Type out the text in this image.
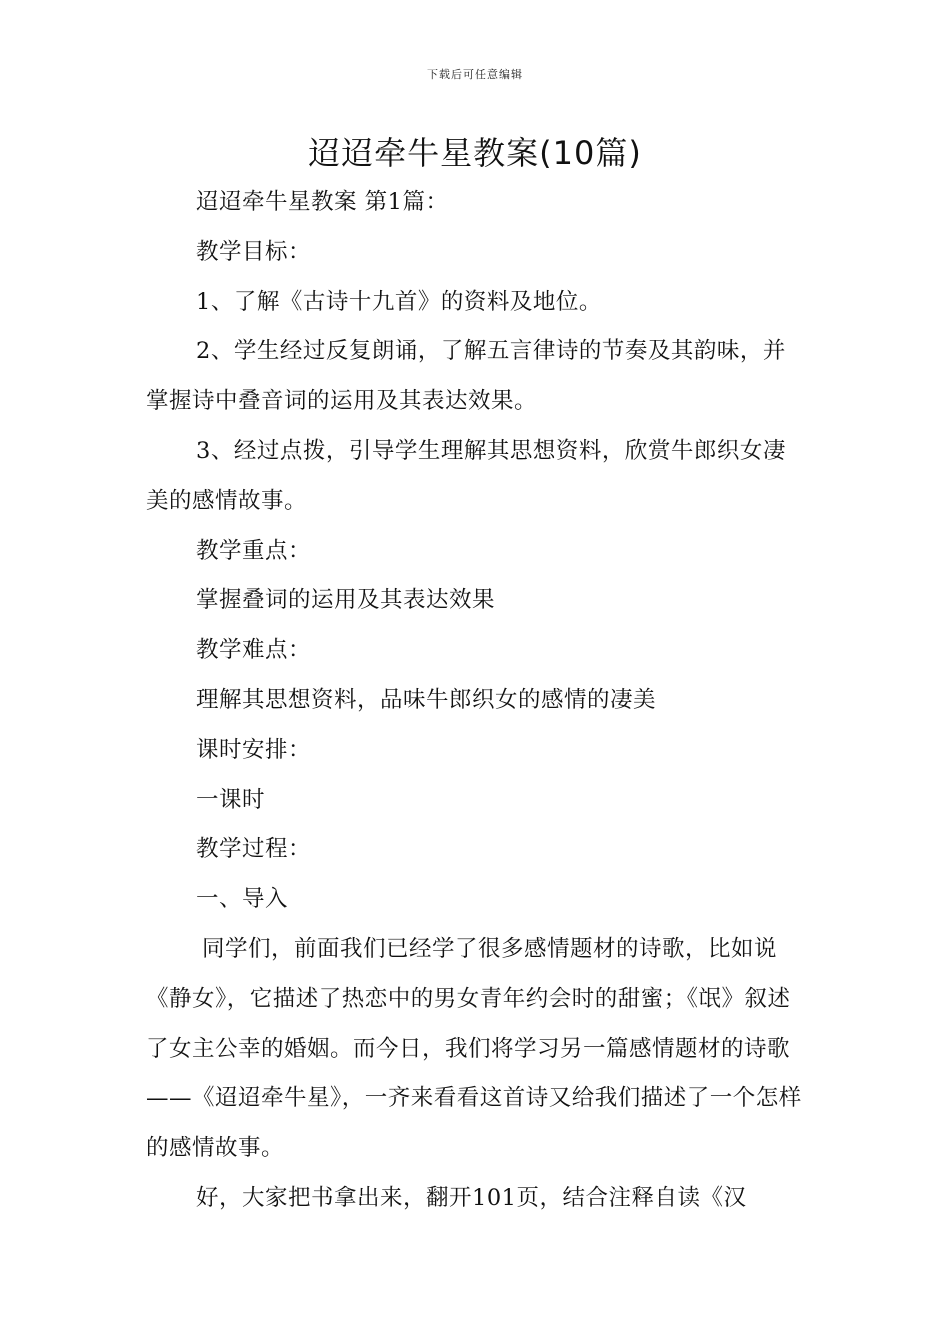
下载后可任意编辑
迢迢牵牛星教案(10篇)

迢迢牵牛星教案 第1篇：

教学目标：

1、了解《古诗十九首》的资料及地位。

2、学生经过反复朗诵，了解五言律诗的节奏及其韵味，并掌握诗中叠音词的运用及其表达效果。

3、经过点拨，引导学生理解其思想资料，欣赏牛郎织女凄美的感情故事。

教学重点：

掌握叠词的运用及其表达效果

教学难点：

理解其思想资料，品味牛郎织女的感情的凄美

课时安排：

一课时

教学过程：

一、导入

同学们，前面我们已经学了很多感情题材的诗歌，比如说《静女》，它描述了热恋中的男女青年约会时的甜蜜；《氓》叙述了女主公幸的婚姻。而今日，我们将学习另一篇感情题材的诗歌——《迢迢牵牛星》，一齐来看看这首诗又给我们描述了一个怎样的感情故事。

好，大家把书拿出来，翻开101页，结合注释自读《汉
